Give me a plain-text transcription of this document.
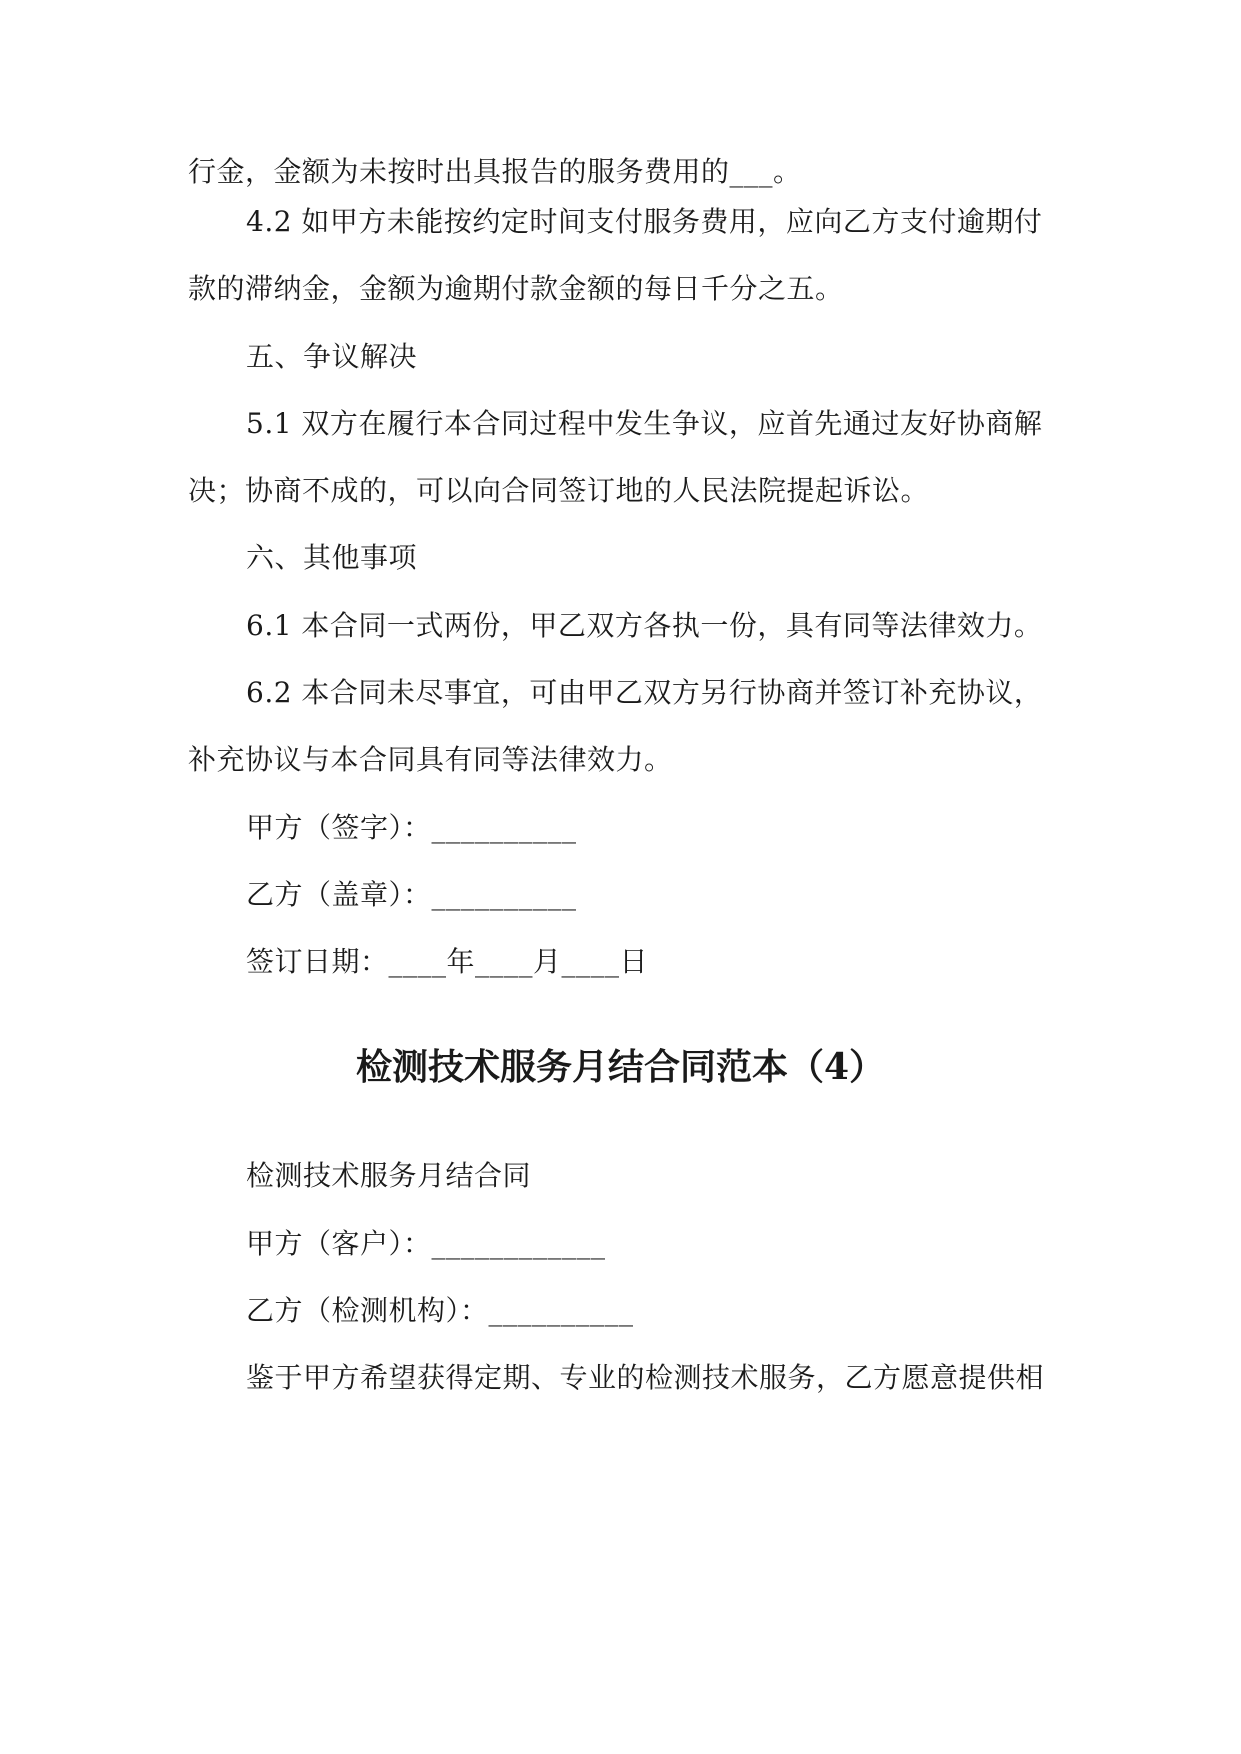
行金，金额为未按时出具报告的服务费用的___。
4.2 如甲方未能按约定时间支付服务费用，应向乙方支付逾期付
款的滞纳金，金额为逾期付款金额的每日千分之五。
五、争议解决
5.1 双方在履行本合同过程中发生争议，应首先通过友好协商解
决；协商不成的，可以向合同签订地的人民法院提起诉讼。
六、其他事项
6.1 本合同一式两份，甲乙双方各执一份，具有同等法律效力。
6.2 本合同未尽事宜，可由甲乙双方另行协商并签订补充协议，
补充协议与本合同具有同等法律效力。
甲方（签字）：__________
乙方（盖章）：__________
签订日期：____年____月____日
检测技术服务月结合同范本（4）
检测技术服务月结合同
甲方（客户）：____________
乙方（检测机构）：__________
鉴于甲方希望获得定期、专业的检测技术服务，乙方愿意提供相
